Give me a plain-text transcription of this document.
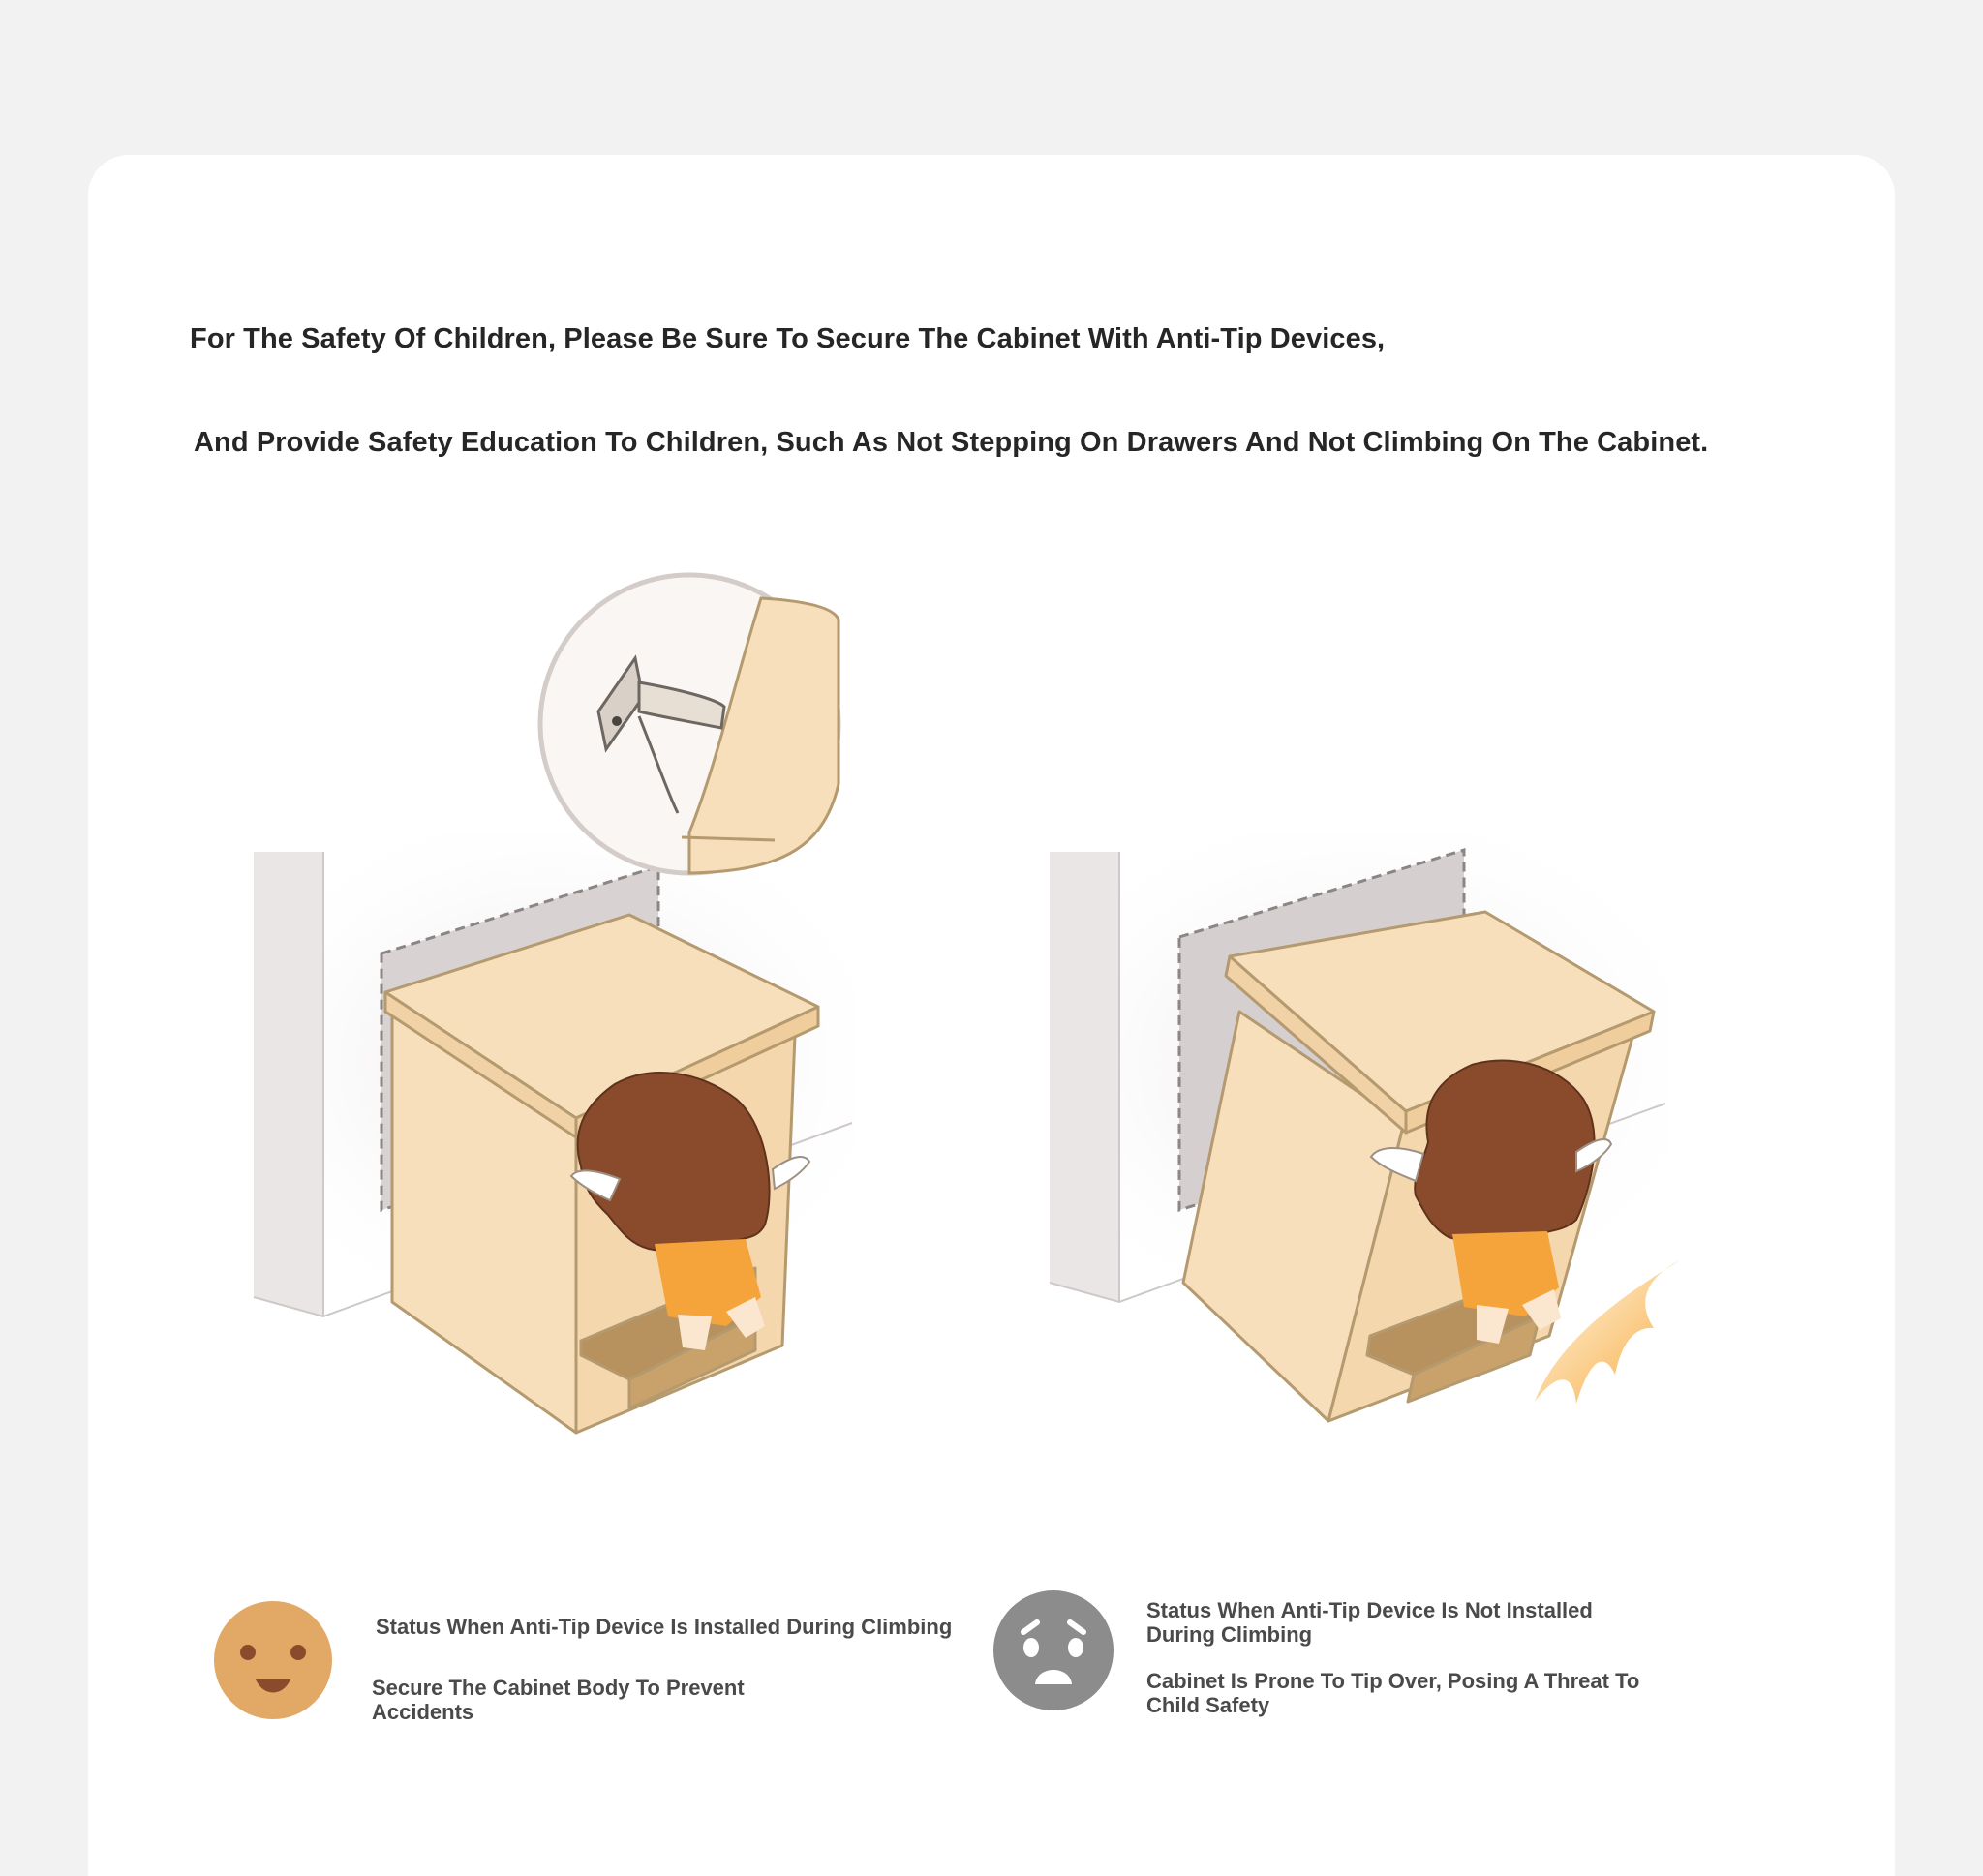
For The Safety Of Children, Please Be Sure To Secure The Cabinet With Anti-Tip Devices,
And Provide Safety Education To Children, Such As Not Stepping On Drawers And Not Climbing On The Cabinet.

Status When Anti-Tip Device Is Installed During Climbing

Secure The Cabinet Body To Prevent Accidents

Status When Anti-Tip Device Is Not Installed During Climbing

Cabinet Is Prone To Tip Over, Posing A Threat To Child Safety
